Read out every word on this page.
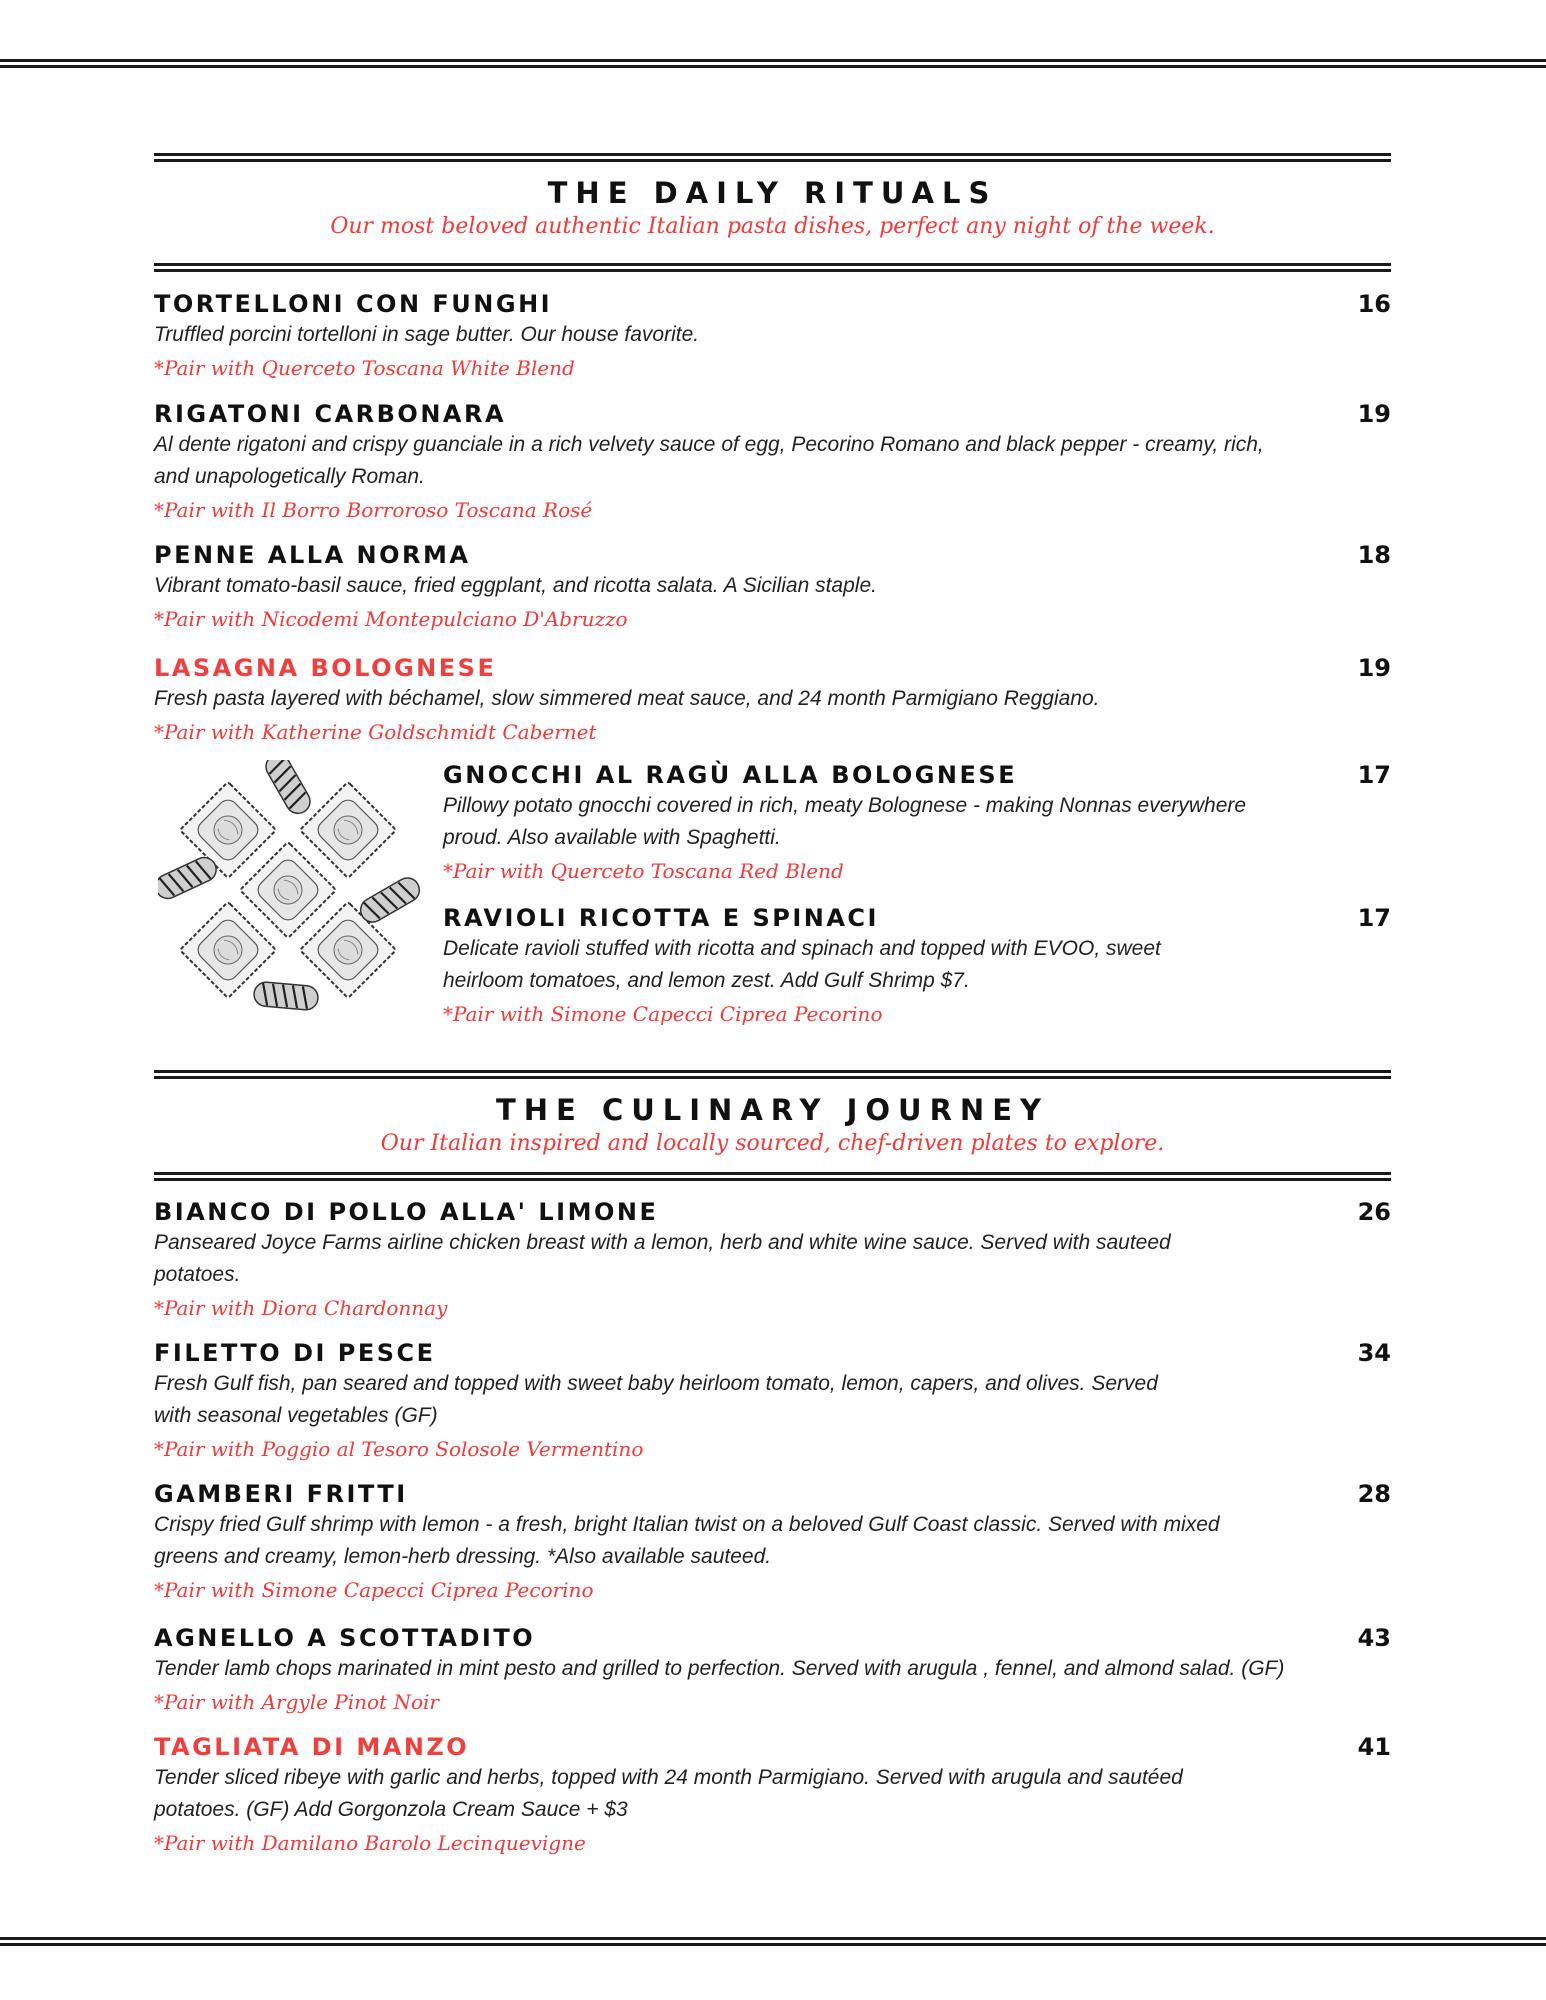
THE DAILY RITUALS
Our most beloved authentic Italian pasta dishes, perfect any night of the week.
TORTELLONI CON FUNGHI
Truffled porcini tortelloni in sage butter. Our house favorite.
*Pair with Querceto Toscana White Blend
16
RIGATONI CARBONARA
Al dente rigatoni and crispy guanciale in a rich velvety sauce of egg, Pecorino Romano and black pepper - creamy, rich, and unapologetically Roman.
*Pair with Il Borro Borroroso Toscana Rosé
19
PENNE ALLA NORMA
Vibrant tomato-basil sauce, fried eggplant, and ricotta salata. A Sicilian staple.
*Pair with Nicodemi Montepulciano D'Abruzzo
18
LASAGNA BOLOGNESE
Fresh pasta layered with béchamel, slow simmered meat sauce, and 24 month Parmigiano Reggiano.
*Pair with Katherine Goldschmidt Cabernet
19
GNOCCHI AL RAGÙ ALLA BOLOGNESE
Pillowy potato gnocchi covered in rich, meaty Bolognese - making Nonnas everywhere proud. Also available with Spaghetti.
*Pair with Querceto Toscana Red Blend
17
RAVIOLI RICOTTA E SPINACI
Delicate ravioli stuffed with ricotta and spinach and topped with EVOO, sweet heirloom tomatoes, and lemon zest. Add Gulf Shrimp $7.
*Pair with Simone Capecci Ciprea Pecorino
17
THE CULINARY JOURNEY
Our Italian inspired and locally sourced, chef-driven plates to explore.
BIANCO DI POLLO ALLA' LIMONE
Panseared Joyce Farms airline chicken breast with a lemon, herb and white wine sauce. Served with sauteed potatoes.
*Pair with Diora Chardonnay
26
FILETTO DI PESCE
Fresh Gulf fish, pan seared and topped with sweet baby heirloom tomato, lemon, capers, and olives. Served with seasonal vegetables (GF)
*Pair with Poggio al Tesoro Solosole Vermentino
34
GAMBERI FRITTI
Crispy fried Gulf shrimp with lemon - a fresh, bright Italian twist on a beloved Gulf Coast classic. Served with mixed greens and creamy, lemon-herb dressing. *Also available sauteed.
*Pair with Simone Capecci Ciprea Pecorino
28
AGNELLO A SCOTTADITO
Tender lamb chops marinated in mint pesto and grilled to perfection. Served with arugula , fennel, and almond salad. (GF)
*Pair with Argyle Pinot Noir
43
TAGLIATA DI MANZO
Tender sliced ribeye with garlic and herbs, topped with 24 month Parmigiano. Served with arugula and sautéed potatoes. (GF) Add Gorgonzola Cream Sauce + $3
*Pair with Damilano Barolo Lecinquevigne
41
